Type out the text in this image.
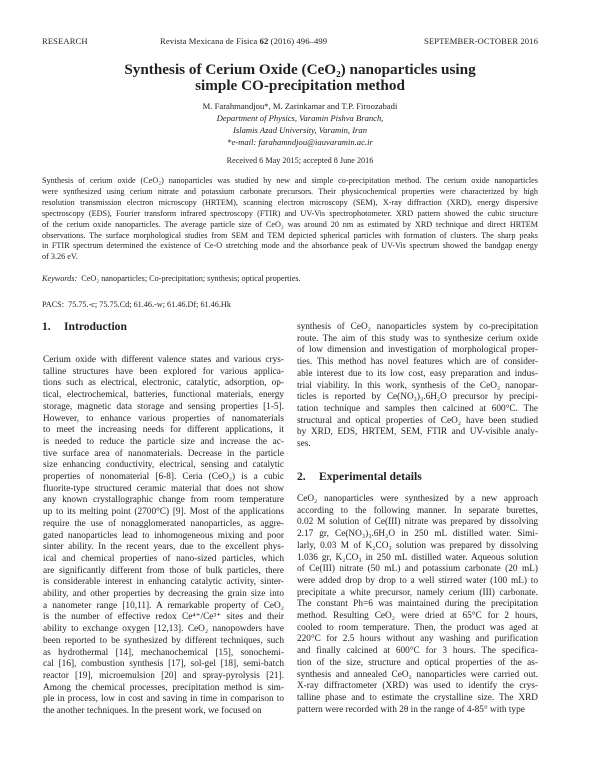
RESEARCH	Revista Mexicana de Física 62 (2016) 496–499	SEPTEMBER-OCTOBER 2016
Synthesis of Cerium Oxide (CeO₂) nanoparticles using
simple CO-precipitation method
M. Farahmandjou*, M. Zarinkamar and T.P. Firoozabadi
Department of Physics, Varamin Pishva Branch,
Islamis Azad University, Varamin, Iran
*e-mail: farahamndjou@iauvaramin.ac.ir
Received 6 May 2015; accepted 8 June 2016
Synthesis of cerium oxide (CeO₂) nanoparticles was studied by new and simple co-precipitation method. The cerium oxide nanoparticles
were synthesized using cerium nitrate and potassium carbonate precursors. Their physicochemical properties were characterized by high
resolution transmission electron microscopy (HRTEM), scanning electron microscopy (SEM), X-ray diffraction (XRD), energy dispersive
spectroscopy (EDS), Fourier transform infrared spectroscopy (FTIR) and UV-Vis spectrophotometer. XRD pattern showed the cubic structure
of the cerium oxide nanoparticles. The average particle size of CeO₂ was around 20 nm as estimated by XRD technique and direct HRTEM
observations. The surface morphological studies from SEM and TEM depicted spherical particles with formation of clusters. The sharp peaks
in FTIR spectrum determined the existence of Ce-O stretching mode and the absorbance peak of UV-Vis spectrum showed the bandgap energy
of 3.26 eV.
Keywords: CeO₂ nanoparticles; Co-precipitation; synthesis; optical properties.
PACS:  75.75.-c; 75.75.Cd; 61.46.-w; 61.46.Df; 61.46.Hk
1. Introduction
Cerium oxide with different valence states and various crys-
talline structures have been explored for various applica-
tions such as electrical, electronic, catalytic, adsorption, op-
tical, electrochemical, batteries, functional materials, energy
storage, magnetic data storage and sensing properties [1-5].
However, to enhance various properties of nanomaterials
to meet the increasing needs for different applications, it
is needed to reduce the particle size and increase the ac-
tive surface area of nanomaterials. Decrease in the particle
size enhancing conductivity, electrical, sensing and catalytic
properties of nonomaterial [6-8]. Ceria (CeO₂) is a cubic
fluorite-type structured ceramic material that does not show
any known crystallographic change from room temperature
up to its melting point (2700°C) [9]. Most of the applications
require the use of nonagglomerated nanoparticles, as aggre-
gated nanoparticles lead to inhomogeneous mixing and poor
sinter ability. In the recent years, due to the excellent phys-
ical and chemical properties of nano-sized particles, which
are significantly different from those of bulk particles, there
is considerable interest in enhancing catalytic activity, sinter-
ability, and other properties by decreasing the grain size into
a nanometer range [10,11]. A remarkable property of CeO₂
is the number of effective redox Ce⁴⁺/Ce³⁺ sites and their
ability to exchange oxygen [12,13]. CeO₂ nanopowders have
been reported to be synthesized by different techniques, such
as hydrothermal [14], mechanochemical [15], sonochemi-
cal [16], combustion synthesis [17], sol-gel [18], semi-batch
reactor [19], microemulsion [20] and spray-pyrolysis [21].
Among the chemical processes, precipitation method is sim-
ple in process, low in cost and saving in time in comparison to
the another techniques. In the present work, we focused on
synthesis of CeO₂ nanoparticles system by co-precipitation
route. The aim of this study was to synthesize cerium oxide
of low dimension and investigation of morphological proper-
ties. This method has novel features which are of consider-
able interest due to its low cost, easy preparation and indus-
trial viability. In this work, synthesis of the CeO₂ nanopar-
ticles is reported by Ce(NO₃)₃.6H₂O precursor by precipi-
tation technique and samples then calcined at 600°C. The
structural and optical properties of CeO₂ have been studied
by XRD, EDS, HRTEM, SEM, FTIR and UV-visible analy-
ses.
2. Experimental details
CeO₂ nanoparticles were synthesized by a new approach
according to the following manner. In separate burettes,
0.02 M solution of Ce(III) nitrate was prepared by dissolving
2.17 gr, Ce(NO₃)₃.6H₂O in 250 mL distilled water. Simi-
larly, 0.03 M of K₂CO₃ solution was prepared by dissolving
1.036 gr, K₂CO₃ in 250 mL distilled water. Aqueous solution
of Ce(III) nitrate (50 mL) and potassium carbonate (20 mL)
were added drop by drop to a well stirred water (100 mL) to
precipitate a white precursor, namely cerium (III) carbonate.
The constant Ph=6 was maintained during the precipitation
method. Resulting CeO₂ were dried at 65°C for 2 hours,
cooled to room temperature. Then, the product was aged at
220°C for 2.5 hours without any washing and purification
and finally calcined at 600°C for 3 hours. The specifica-
tion of the size, structure and optical properties of the as-
synthesis and annealed CeO₂ nanoparticles were carried out.
X-ray diffractometer (XRD) was used to identify the crys-
talline phase and to estimate the crystalline size. The XRD
pattern were recorded with 2θ in the range of 4-85° with type
